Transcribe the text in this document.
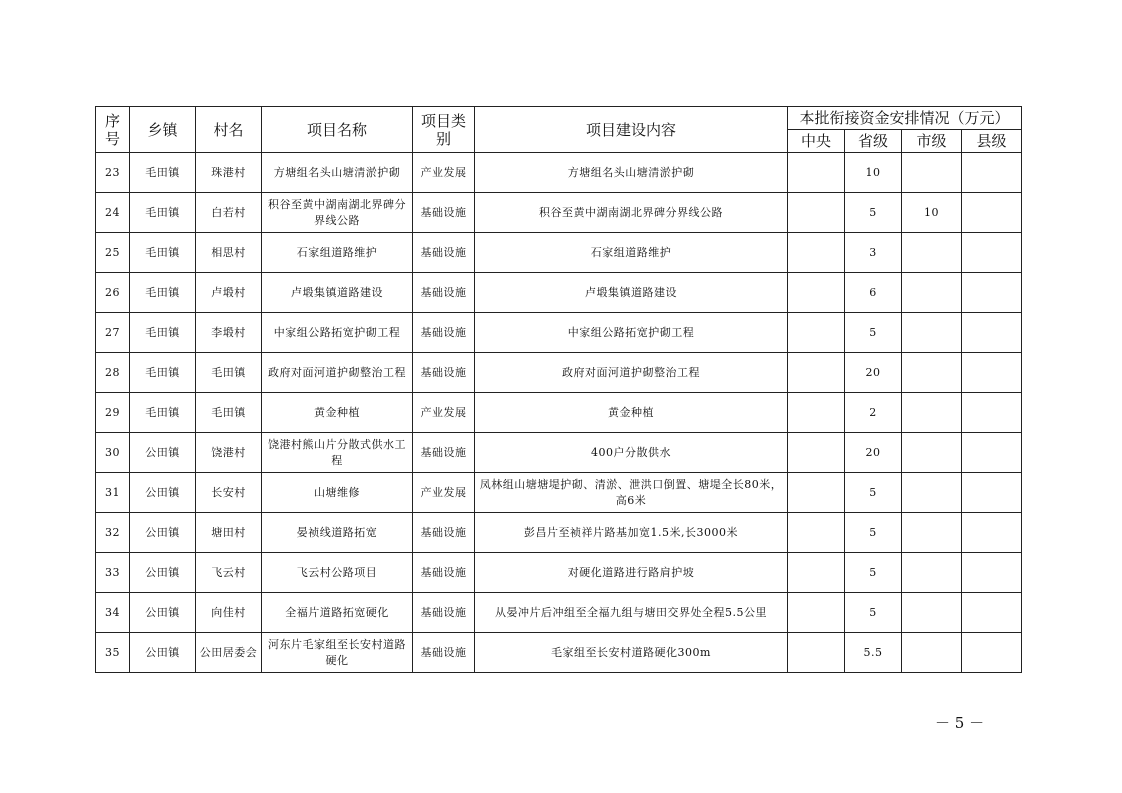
序号	乡镇	村名	项目名称	项目类别	项目建设内容	本批衔接资金安排情况（万元）			
						中央	省级	市级	县级
23	毛田镇	珠港村	方塘组名头山塘清淤护砌	产业发展	方塘组名头山塘清淤护砌		10		
24	毛田镇	白若村	积谷至黄中湖南湖北界碑分界线公路	基础设施	积谷至黄中湖南湖北界碑分界线公路		5	10	
25	毛田镇	相思村	石家组道路维护	基础设施	石家组道路维护		3		
26	毛田镇	卢塅村	卢塅集镇道路建设	基础设施	卢塅集镇道路建设		6		
27	毛田镇	李塅村	中家组公路拓宽护砌工程	基础设施	中家组公路拓宽护砌工程		5		
28	毛田镇	毛田镇	政府对面河道护砌整治工程	基础设施	政府对面河道护砌整治工程		20		
29	毛田镇	毛田镇	黄金种植	产业发展	黄金种植		2		
30	公田镇	饶港村	饶港村熊山片分散式供水工程	基础设施	400户分散供水		20		
31	公田镇	长安村	山塘维修	产业发展	凤林组山塘塘堤护砌、清淤、泄洪口倒置、塘堤全长80米，高6米		5		
32	公田镇	塘田村	晏祯线道路拓宽	基础设施	彭昌片至祯祥片路基加宽1.5米,长3000米		5		
33	公田镇	飞云村	飞云村公路项目	基础设施	对硬化道路进行路肩护坡		5		
34	公田镇	向佳村	全福片道路拓宽硬化	基础设施	从晏冲片后冲组至全福九组与塘田交界处全程5.5公里		5		
35	公田镇	公田居委会	河东片毛家组至长安村道路硬化	基础设施	毛家组至长安村道路硬化300m		5.5		
－ 5 －
